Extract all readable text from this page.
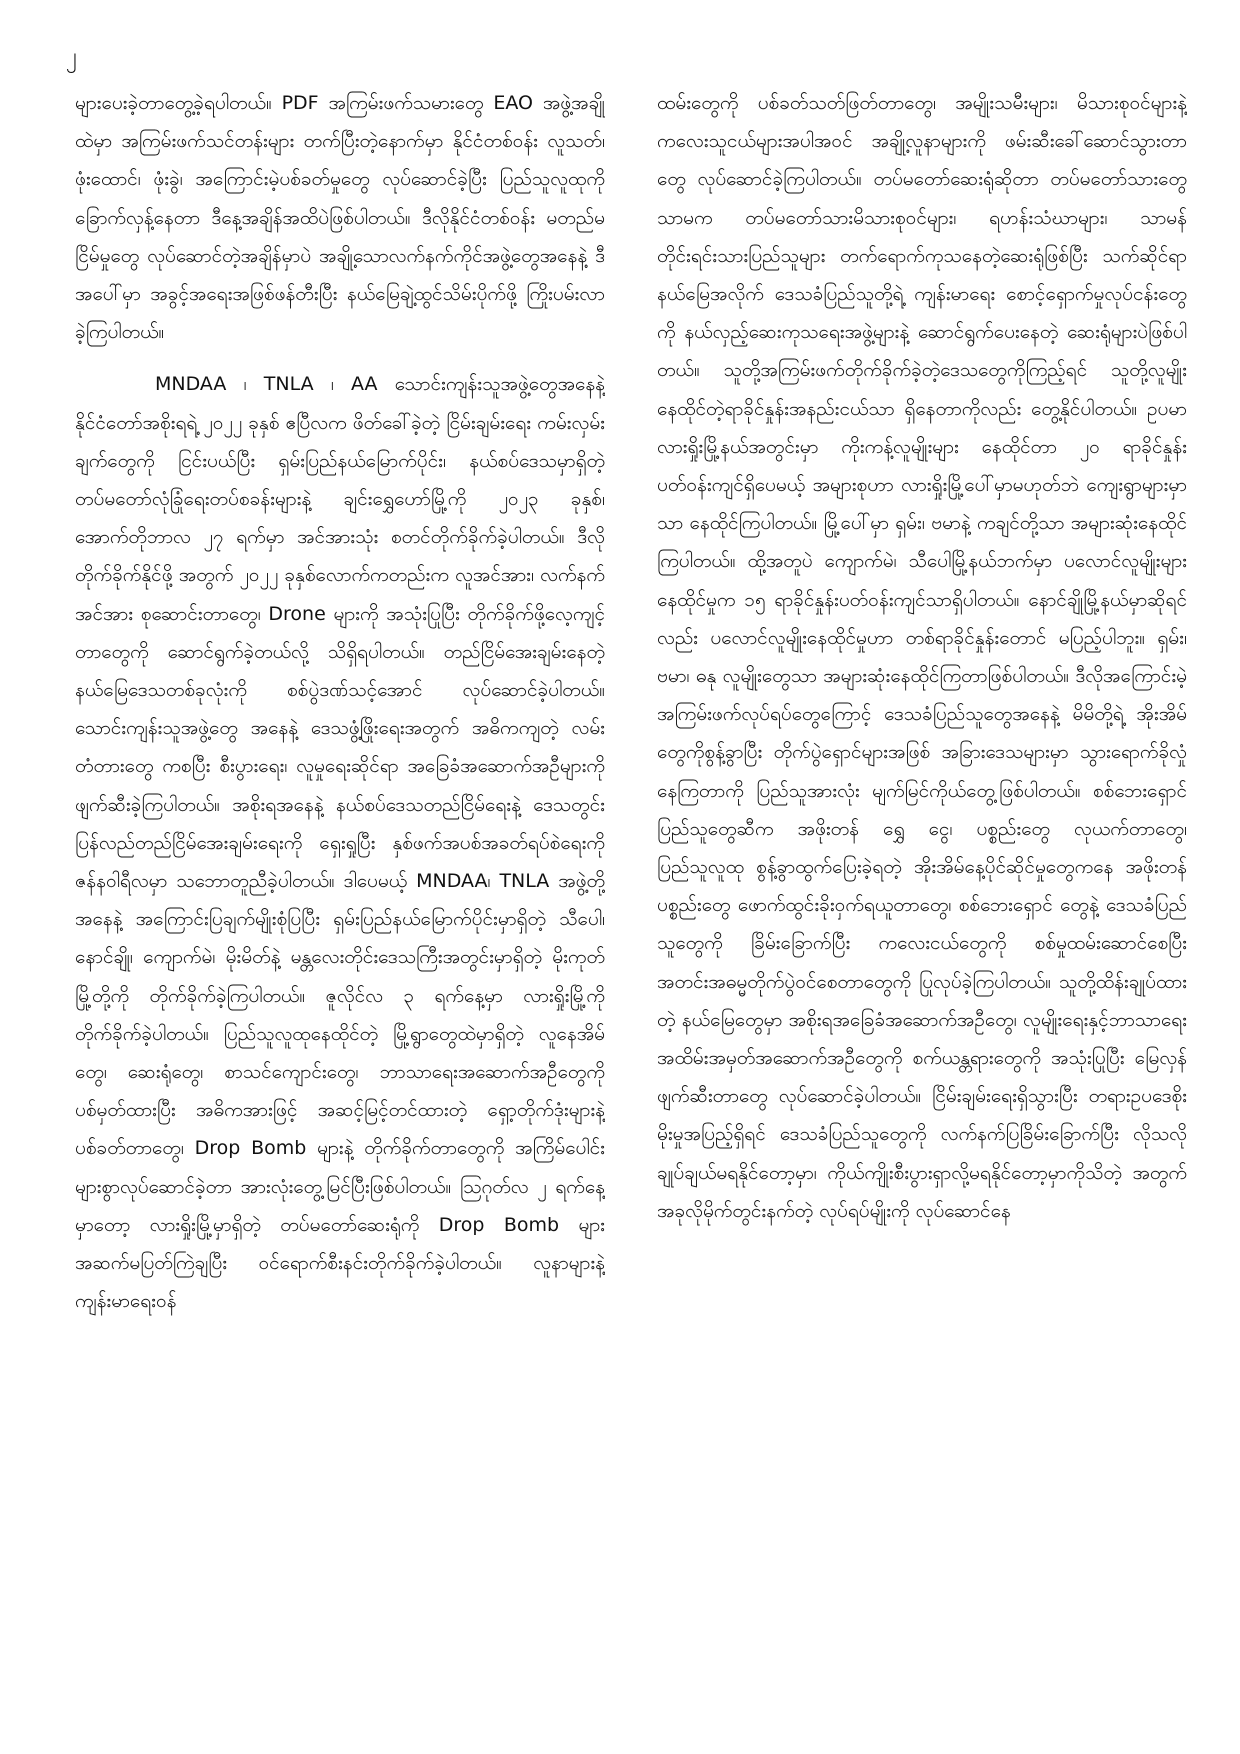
၂

များပေးခဲ့တာတွေ့ခဲ့ရပါတယ်။ PDF အကြမ်းဖက်သမားတွေ EAO အဖွဲ့အချို့ထဲမှာ အကြမ်းဖက်သင်တန်းများ တက်ပြီးတဲ့နောက်မှာ နိုင်ငံတစ်ဝန်း လူသတ်၊ ဖုံးထောင်၊ ဖုံးခွဲ၊ အကြောင်းမဲ့ပစ်ခတ်မှုတွေ လုပ်ဆောင်ခဲ့ပြီး ပြည်သူလူထုကို ခြောက်လှန့်နေတာ ဒီနေ့အချိန်အထိပဲဖြစ်ပါတယ်။ ဒီလိုနိုင်ငံတစ်ဝန်း မတည်မငြိမ်မှုတွေ လုပ်ဆောင်တဲ့အချိန်မှာပဲ အချို့သောလက်နက်ကိုင်အဖွဲ့တွေအနေနဲ့ ဒီအပေါ်မှာ အခွင့်အရေးအဖြစ်ဖန်တီးပြီး နယ်မြေချဲ့ထွင်သိမ်းပိုက်ဖို့ ကြိုးပမ်းလာခဲ့ကြပါတယ်။

MNDAA ၊ TNLA ၊ AA သောင်းကျန်းသူအဖွဲ့တွေအနေနဲ့ နိုင်ငံတော်အစိုးရရဲ့ ၂၀၂၂ ခုနှစ် ဧပြီလက ဖိတ်ခေါ်ခဲ့တဲ့ ငြိမ်းချမ်းရေး ကမ်းလှမ်းချက်တွေကို ငြင်းပယ်ပြီး ရှမ်းပြည်နယ်မြောက်ပိုင်း၊ နယ်စပ်ဒေသမှာရှိတဲ့ တပ်မတော်လုံခြုံရေးတပ်စခန်းများနဲ့ ချင်းရွှေဟော်မြို့ကို ၂၀၂၃ ခုနှစ်၊ အောက်တိုဘာလ ၂၇ ရက်မှာ အင်အားသုံး စတင်တိုက်ခိုက်ခဲ့ပါတယ်။ ဒီလိုတိုက်ခိုက်နိုင်ဖို့ အတွက် ၂၀၂၂ ခုနှစ်လောက်ကတည်းက လူအင်အား၊ လက်နက် အင်အား စုဆောင်းတာတွေ၊ Drone များကို အသုံးပြုပြီး တိုက်ခိုက်ဖို့လေ့ကျင့်တာတွေကို ဆောင်ရွက်ခဲ့တယ်လို့ သိရှိရပါတယ်။ တည်ငြိမ်အေးချမ်းနေတဲ့ နယ်မြေဒေသတစ်ခုလုံးကို စစ်ပွဲဒဏ်သင့်အောင် လုပ်ဆောင်ခဲ့ပါတယ်။ သောင်းကျန်းသူအဖွဲ့တွေ အနေနဲ့ ဒေသဖွံ့ဖြိုးရေးအတွက် အဓိကကျတဲ့ လမ်းတံတားတွေ ကစပြီး စီးပွားရေး၊ လူမှုရေးဆိုင်ရာ အခြေခံအဆောက်အဦများကို ဖျက်ဆီးခဲ့ကြပါတယ်။ အစိုးရအနေနဲ့ နယ်စပ်ဒေသတည်ငြိမ်ရေးနဲ့ ဒေသတွင်းပြန်လည်တည်ငြိမ်အေးချမ်းရေးကို ရှေးရှုပြီး နှစ်ဖက်အပစ်အခတ်ရပ်စဲရေးကို ဇန်နဝါရီလမှာ သဘောတူညီခဲ့ပါတယ်။ ဒါပေမယ့် MNDAA၊ TNLA အဖွဲ့တို့အနေနဲ့ အကြောင်းပြချက်မျိုးစုံပြပြီး ရှမ်းပြည်နယ်မြောက်ပိုင်းမှာရှိတဲ့ သီပေါ၊ နောင်ချို၊ ကျောက်မဲ၊ မိုးမိတ်နဲ့ မန္တလေးတိုင်းဒေသကြီးအတွင်းမှာရှိတဲ့ မိုးကုတ်မြို့တို့ကို တိုက်ခိုက်ခဲ့ကြပါတယ်။ ဇူလိုင်လ ၃ ရက်နေ့မှာ လားရှိုးမြို့ကို တိုက်ခိုက်ခဲ့ပါတယ်။ ပြည်သူလူထုနေထိုင်တဲ့ မြို့ရွာတွေထဲမှာရှိတဲ့ လူနေအိမ်တွေ၊ ဆေးရုံတွေ၊ စာသင်ကျောင်းတွေ၊ ဘာသာရေးအဆောက်အဦတွေကို ပစ်မှတ်ထားပြီး အဓိကအားဖြင့် အဆင့်မြင့်တင်ထားတဲ့ ရှော့တိုက်ဒုံးများနဲ့ ပစ်ခတ်တာတွေ၊ Drop Bomb များနဲ့ တိုက်ခိုက်တာတွေကို အကြိမ်ပေါင်းများစွာလုပ်ဆောင်ခဲ့တာ အားလုံးတွေ့မြင်ပြီးဖြစ်ပါတယ်။ ဩဂုတ်လ ၂ ရက်နေ့မှာတော့ လားရှိုးမြို့မှာရှိတဲ့ တပ်မတော်ဆေးရုံကို Drop Bomb များ အဆက်မပြတ်ကြဲချပြီး ဝင်ရောက်စီးနင်းတိုက်ခိုက်ခဲ့ပါတယ်။ လူနာများနဲ့ ကျန်းမာရေးဝန်

ထမ်းတွေကို ပစ်ခတ်သတ်ဖြတ်တာတွေ၊ အမျိုးသမီးများ၊ မိသားစုဝင်များနဲ့ ကလေးသူငယ်များအပါအဝင် အချို့လူနာများကို ဖမ်းဆီးခေါ်ဆောင်သွားတာတွေ လုပ်ဆောင်ခဲ့ကြပါတယ်။ တပ်မတော်ဆေးရုံဆိုတာ တပ်မတော်သားတွေသာမက တပ်မတော်သားမိသားစုဝင်များ၊ ရဟန်းသံဃာများ၊ သာမန်တိုင်းရင်းသားပြည်သူများ တက်ရောက်ကုသနေတဲ့ဆေးရုံဖြစ်ပြီး သက်ဆိုင်ရာနယ်မြေအလိုက် ဒေသခံပြည်သူတို့ရဲ့ ကျန်းမာရေး စောင့်ရှောက်မှုလုပ်ငန်းတွေကို နယ်လှည့်ဆေးကုသရေးအဖွဲ့များနဲ့ ဆောင်ရွက်ပေးနေတဲ့ ဆေးရုံများပဲဖြစ်ပါတယ်။ သူတို့အကြမ်းဖက်တိုက်ခိုက်ခဲ့တဲ့ဒေသတွေကိုကြည့်ရင် သူတို့လူမျိုးနေထိုင်တဲ့ရာခိုင်နှုန်းအနည်းငယ်သာ ရှိနေတာကိုလည်း တွေ့နိုင်ပါတယ်။ ဥပမာ လားရှိုးမြို့နယ်အတွင်းမှာ ကိုးကန့်လူမျိုးများ နေထိုင်တာ ၂၀ ရာခိုင်နှုန်းပတ်ဝန်းကျင်ရှိပေမယ့် အများစုဟာ လားရှိုးမြို့ပေါ်မှာမဟုတ်ဘဲ ကျေးရွာများမှာသာ နေထိုင်ကြပါတယ်။ မြို့ပေါ်မှာ ရှမ်း၊ ဗမာနဲ့ ကချင်တို့သာ အများဆုံးနေထိုင်ကြပါတယ်။ ထို့အတူပဲ ကျောက်မဲ၊ သီပေါမြို့နယ်ဘက်မှာ ပလောင်လူမျိုးများနေထိုင်မှုက ၁၅ ရာခိုင်နှုန်းပတ်ဝန်းကျင်သာရှိပါတယ်။ နောင်ချိုမြို့နယ်မှာဆိုရင်လည်း ပလောင်လူမျိုးနေထိုင်မှုဟာ တစ်ရာခိုင်နှုန်းတောင် မပြည့်ပါဘူး။ ရှမ်း၊ ဗမာ၊ ဓနု လူမျိုးတွေသာ အများဆုံးနေထိုင်ကြတာဖြစ်ပါတယ်။ ဒီလိုအကြောင်းမဲ့အကြမ်းဖက်လုပ်ရပ်တွေကြောင့် ဒေသခံပြည်သူတွေအနေနဲ့ မိမိတို့ရဲ့ အိုးအိမ်တွေကိုစွန့်ခွာပြီး တိုက်ပွဲရှောင်များအဖြစ် အခြားဒေသများမှာ သွားရောက်ခိုလှုံနေကြတာကို ပြည်သူအားလုံး မျက်မြင်ကိုယ်တွေ့ဖြစ်ပါတယ်။ စစ်ဘေးရှောင် ပြည်သူတွေဆီက အဖိုးတန် ရွှေ ငွေ၊ ပစ္စည်းတွေ လုယက်တာတွေ၊ ပြည်သူလူထု စွန့်ခွာထွက်ပြေးခဲ့ရတဲ့ အိုးအိမ်နေ့ပိုင်ဆိုင်မှုတွေကနေ အဖိုးတန် ပစ္စည်းတွေ ဖောက်ထွင်းခိုးဝှက်ရယူတာတွေ၊ စစ်ဘေးရှောင် တွေနဲ့ ဒေသခံပြည်သူတွေကို ခြိမ်းခြောက်ပြီး ကလေးငယ်တွေကို စစ်မှုထမ်းဆောင်စေပြီး အတင်းအဓမ္မတိုက်ပွဲဝင်စေတာတွေကို ပြုလုပ်ခဲ့ကြပါတယ်။ သူတို့ထိန်းချုပ်ထားတဲ့ နယ်မြေတွေမှာ အစိုးရအခြေခံအဆောက်အဦတွေ၊ လူမျိုးရေးနှင့်ဘာသာရေး အထိမ်းအမှတ်အဆောက်အဦတွေကို စက်ယန္တရားတွေကို အသုံးပြုပြီး မြေလှန်ဖျက်ဆီးတာတွေ လုပ်ဆောင်ခဲ့ပါတယ်။ ငြိမ်းချမ်းရေးရှိသွားပြီး တရားဥပဒေစိုးမိုးမှုအပြည့်ရှိရင် ဒေသခံပြည်သူတွေကို လက်နက်ပြခြိမ်းခြောက်ပြီး လိုသလိုချုပ်ချယ်မရနိုင်တော့မှာ၊ ကိုယ်ကျိုးစီးပွားရှာလို့မရနိုင်တော့မှာကိုသိတဲ့ အတွက် အခုလိုမိုက်တွင်းနက်တဲ့ လုပ်ရပ်မျိုးကို လုပ်ဆောင်နေ
